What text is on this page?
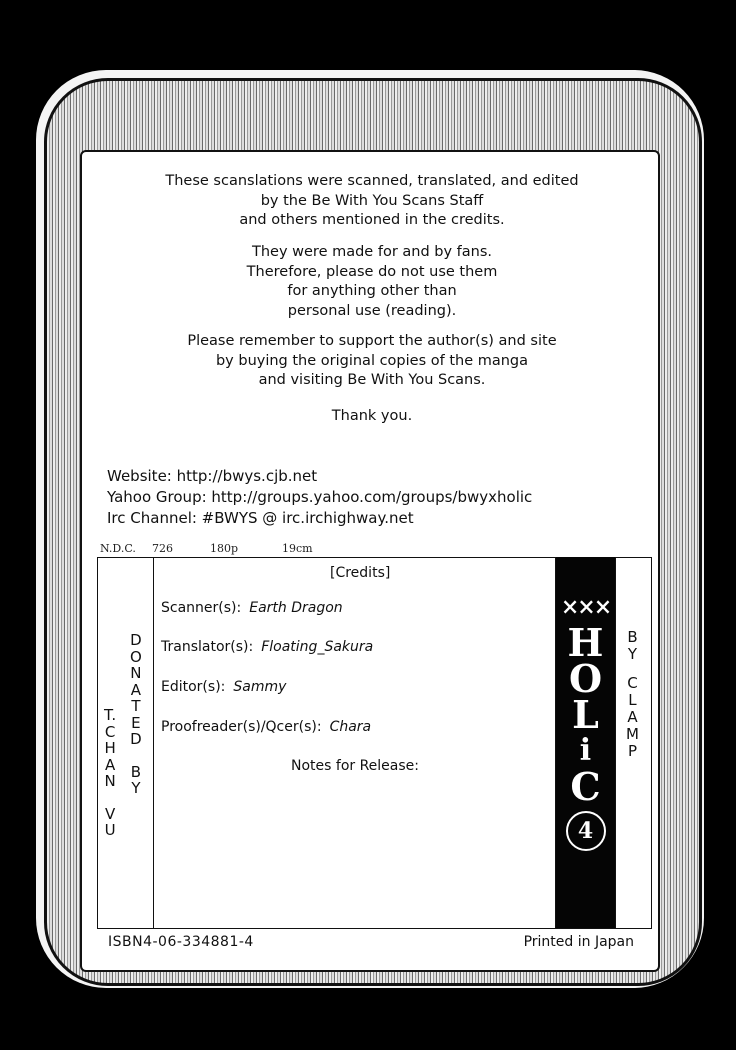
These scanslations were scanned, translated, and edited

by the Be With You Scans Staff

and others mentioned in the credits.

They were made for and by fans.

Therefore, please do not use them

for anything other than

personal use (reading).

Please remember to support the author(s) and site

by buying the original copies of the manga

and visiting Be With You Scans.

Thank you.

Website: http://bwys.cjb.net
Yahoo Group: http://groups.yahoo.com/groups/bwyxholic
Irc Channel: #BWYS @ irc.irchighway.net
N.D.C. 726	180p	19cm
T.
C
H
A
N
V
U
D
O
N
A
T
E
D
B
Y
[Credits]
Scanner(s): Earth Dragon
Translator(s): Floating_Sakura
Editor(s): Sammy
Proofreader(s)/Qcer(s): Chara
Notes for Release:
×××
H
O
L
i
C
4
B
Y
C
L
A
M
P
ISBN4-06-334881-4	Printed in Japan
